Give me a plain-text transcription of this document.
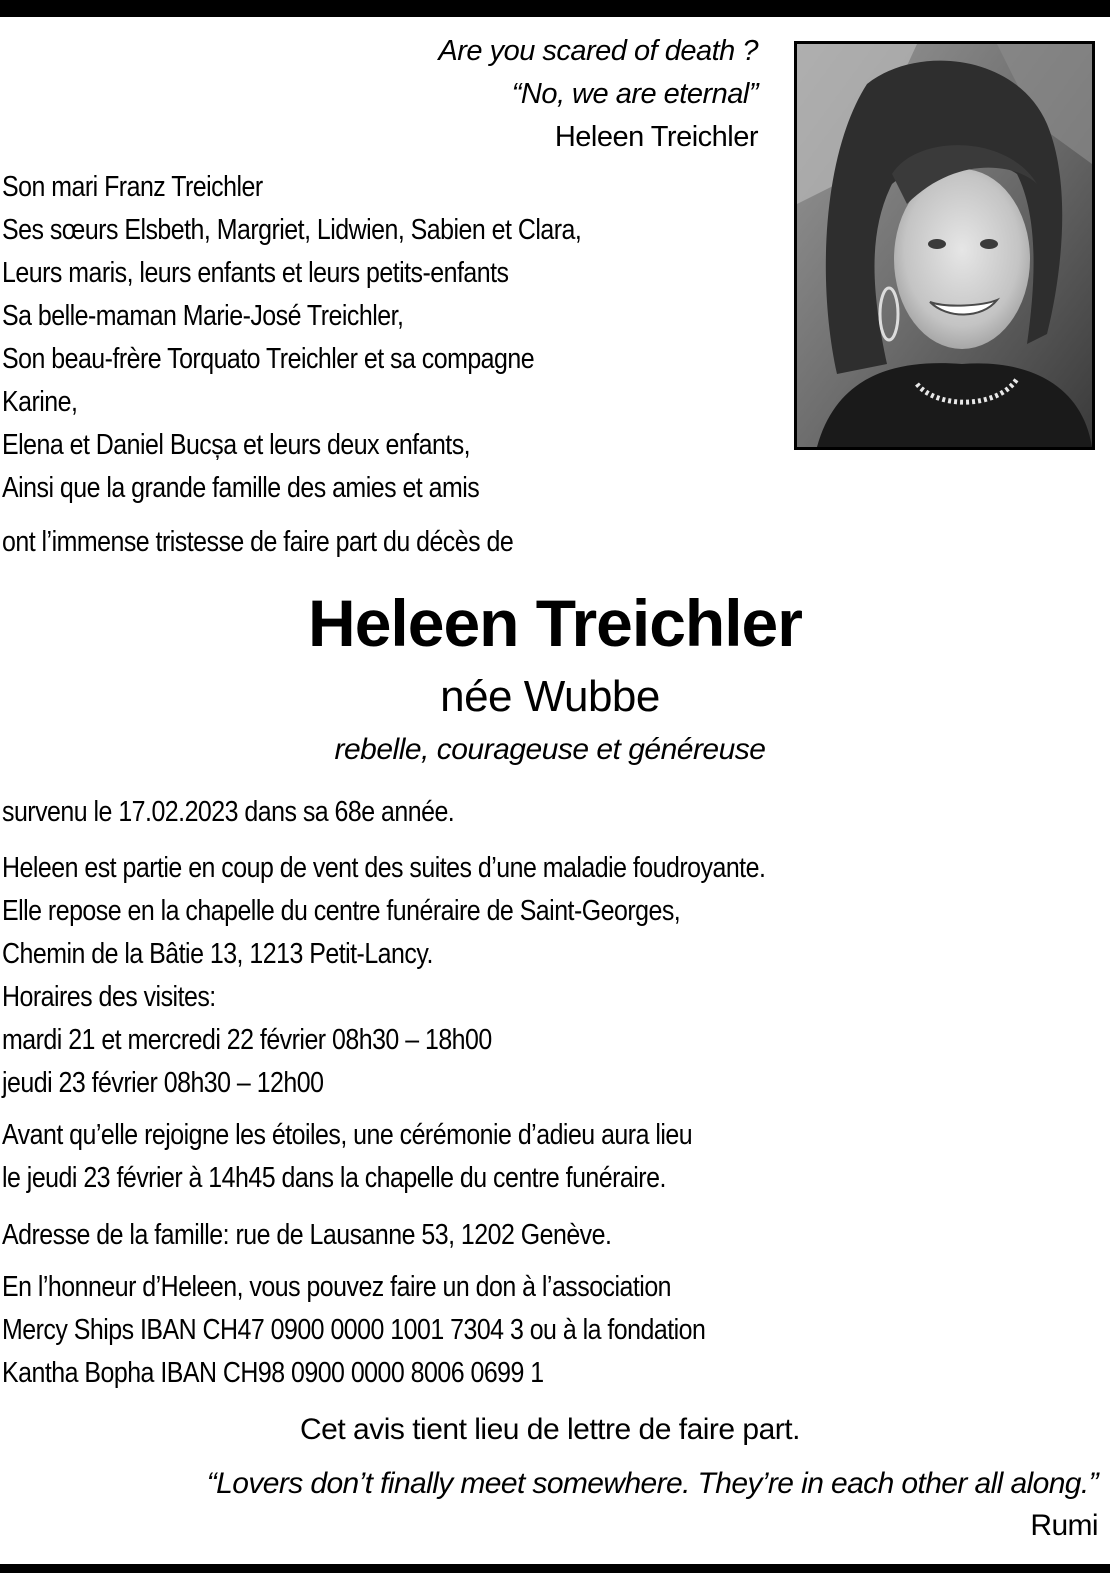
Are you scared of death ?
“No, we are eternal”
Heleen Treichler
Son mari Franz Treichler
Ses sœurs Elsbeth, Margriet, Lidwien, Sabien et Clara,
Leurs maris, leurs enfants et leurs petits-enfants
Sa belle-maman Marie-José Treichler,
Son beau-frère Torquato Treichler et sa compagne
Karine,
Elena et Daniel Bucșa et leurs deux enfants,
Ainsi que la grande famille des amies et amis

ont l’immense tristesse de faire part du décès de

Heleen Treichler
née Wubbe
rebelle, courageuse et généreuse

survenu le 17.02.2023 dans sa 68e année.

Heleen est partie en coup de vent des suites d’une maladie foudroyante.
Elle repose en la chapelle du centre funéraire de Saint-Georges,
Chemin de la Bâtie 13, 1213 Petit-Lancy.
Horaires des visites:
mardi 21 et mercredi 22 février 08h30 – 18h00
jeudi 23 février 08h30 – 12h00
Avant qu’elle rejoigne les étoiles, une cérémonie d’adieu aura lieu
le jeudi 23 février à 14h45 dans la chapelle du centre funéraire.

Adresse de la famille: rue de Lausanne 53, 1202 Genève.

En l’honneur d’Heleen, vous pouvez faire un don à l’association
Mercy Ships IBAN CH47 0900 0000 1001 7304 3 ou à la fondation
Kantha Bopha IBAN CH98 0900 0000 8006 0699 1
Cet avis tient lieu de lettre de faire part.
“Lovers don’t finally meet somewhere. They’re in each other all along.”
Rumi
